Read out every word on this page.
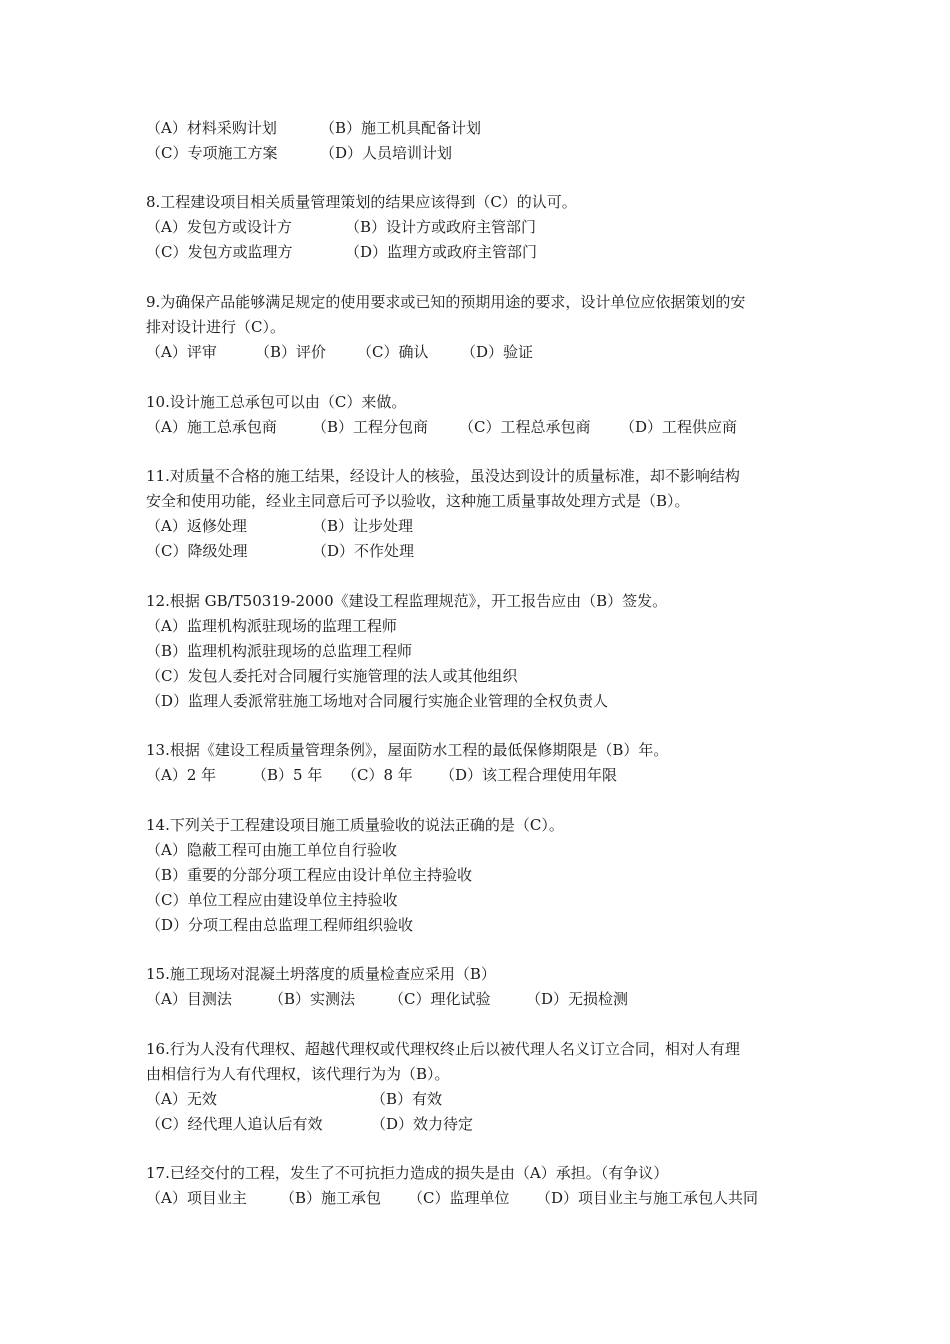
（A）材料采购计划	（B）施工机具配备计划
（C）专项施工方案	（D）人员培训计划
8.工程建设项目相关质量管理策划的结果应该得到（C）的认可。
（A）发包方或设计方	（B）设计方或政府主管部门
（C）发包方或监理方	（D）监理方或政府主管部门
9.为确保产品能够满足规定的使用要求或已知的预期用途的要求，设计单位应依据策划的安
排对设计进行（C）。
（A）评审	（B）评价 （C）确认 （D）验证
10.设计施工总承包可以由（C）来做。
（A）施工总承包商 （B）工程分包商 （C）工程总承包商 （D）工程供应商
11.对质量不合格的施工结果，经设计人的核验，虽没达到设计的质量标准，却不影响结构
安全和使用功能，经业主同意后可予以验收，这种施工质量事故处理方式是（B）。
（A）返修处理	（B）让步处理
（C）降级处理	（D）不作处理
12.根据 GB/T50319-2000《建设工程监理规范》，开工报告应由（B）签发。
（A）监理机构派驻现场的监理工程师
（B）监理机构派驻现场的总监理工程师
（C）发包人委托对合同履行实施管理的法人或其他组织
（D）监理人委派常驻施工场地对合同履行实施企业管理的全权负责人
13.根据《建设工程质量管理条例》，屋面防水工程的最低保修期限是（B）年。
（A）2 年 （B）5 年 （C）8 年 （D）该工程合理使用年限
14.下列关于工程建设项目施工质量验收的说法正确的是（C）。
（A）隐蔽工程可由施工单位自行验收
（B）重要的分部分项工程应由设计单位主持验收
（C）单位工程应由建设单位主持验收
（D）分项工程由总监理工程师组织验收
15.施工现场对混凝土坍落度的质量检查应采用（B）
（A）目测法 （B）实测法 （C）理化试验 （D）无损检测
16.行为人没有代理权、超越代理权或代理权终止后以被代理人名义订立合同，相对人有理
由相信行为人有代理权，该代理行为为（B）。
（A）无效	（B）有效
（C）经代理人追认后有效	（D）效力待定
17.已经交付的工程，发生了不可抗拒力造成的损失是由（A）承担。（有争议）
（A）项目业主 （B）施工承包 （C）监理单位 （D）项目业主与施工承包人共同
